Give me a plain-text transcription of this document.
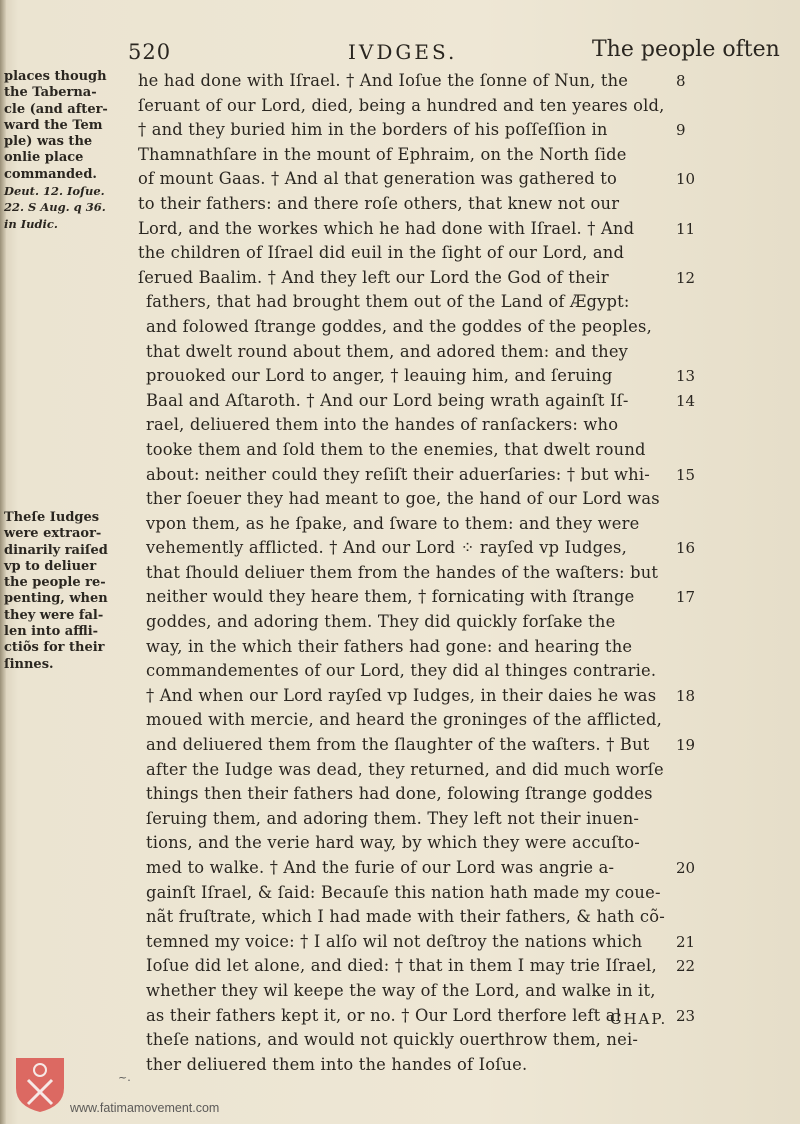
520	IVDGES.	The people often
places though
the Taberna-
cle (and after-
ward the Tem
ple) was the
onlie place
commanded.
Deut. 12. Ioſue.
22. S Aug. q 36.
in Iudic.
Theſe Iudges
were extraor-
dinarily raiſed
vp to deliuer
the people re-
penting, when
they were fal-
len into affli-
ctiõs for their
ſinnes.
he had done with Iſrael. † And Ioſue the ſonne of Nun, the	8
ſeruant of our Lord, died, being a hundred and ten yeares old,
† and they buried him in the borders of his poſſeſſion in	9
Thamnathſare in the mount of Ephraim, on the North ſide
of mount Gaas. † And al that generation was gathered to	10
to their fathers: and there roſe others, that knew not our
Lord, and the workes which he had done with Iſrael. † And	11
the children of Iſrael did euil in the ſight of our Lord, and
ſerued Baalim. † And they left our Lord the God of their	12
fathers, that had brought them out of the Land of Ægypt:
and folowed ſtrange goddes, and the goddes of the peoples,
that dwelt round about them, and adored them: and they
prouoked our Lord to anger, † leauing him, and ſeruing	13
Baal and Aſtaroth. † And our Lord being wrath againſt Iſ-	14
rael, deliuered them into the handes of ranſackers: who
tooke them and ſold them to the enemies, that dwelt round
about: neither could they reſiſt their aduerſaries: † but whi- 15
ther ſoeuer they had meant to goe, the hand of our Lord was
vpon them, as he ſpake, and ſware to them: and they were
vehemently afflicted. † And our Lord ⁘ rayſed vp Iudges,	16
that ſhould deliuer them from the handes of the waſters: but
neither would they heare them, † fornicating with ſtrange	17
goddes, and adoring them. They did quickly forſake the
way, in the which their fathers had gone: and hearing the
commandementes of our Lord, they did al thinges contrarie.
† And when our Lord rayſed vp Iudges, in their daies he was 18
moued with mercie, and heard the groninges of the afflicted,
and deliuered them from the ſlaughter of the waſters. † But 19
after the Iudge was dead, they returned, and did much worſe
things then their fathers had done, folowing ſtrange goddes
ſeruing them, and adoring them. They left not their inuen-
tions, and the verie hard way, by which they were accuſto-
med to walke. † And the furie of our Lord was angrie a-	20
gainſt Iſrael, & ſaid: Becauſe this nation hath made my coue-
nãt fruſtrate, which I had made with their fathers, & hath cõ-
temned my voice: † I alſo wil not deſtroy the nations which 21
Ioſue did let alone, and died: † that in them I may trie Iſrael, 22
whether they wil keepe the way of the Lord, and walke in it,
as their fathers kept it, or no. † Our Lord therfore left al	23
theſe nations, and would not quickly ouerthrow them, nei-
ther deliuered them into the handes of Ioſue.
CHAP.
www.fatimamovement.com
~.
